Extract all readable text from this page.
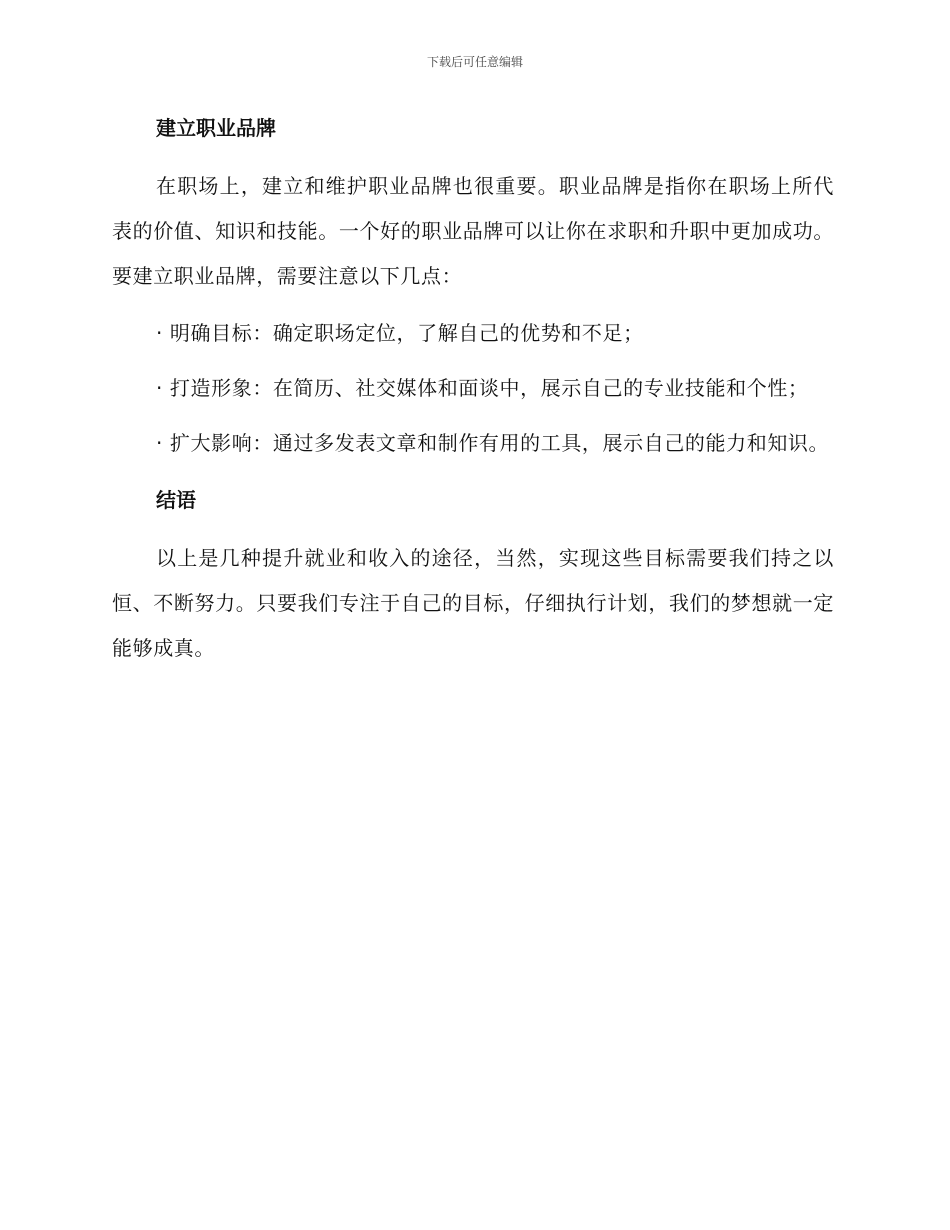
下载后可任意编辑
建立职业品牌

在职场上，建立和维护职业品牌也很重要。职业品牌是指你在职场上所代表的价值、知识和技能。一个好的职业品牌可以让你在求职和升职中更加成功。要建立职业品牌，需要注意以下几点：

· 明确目标：确定职场定位，了解自己的优势和不足；

· 打造形象：在简历、社交媒体和面谈中，展示自己的专业技能和个性；

· 扩大影响：通过多发表文章和制作有用的工具，展示自己的能力和知识。

结语

以上是几种提升就业和收入的途径，当然，实现这些目标需要我们持之以恒、不断努力。只要我们专注于自己的目标，仔细执行计划，我们的梦想就一定能够成真。
